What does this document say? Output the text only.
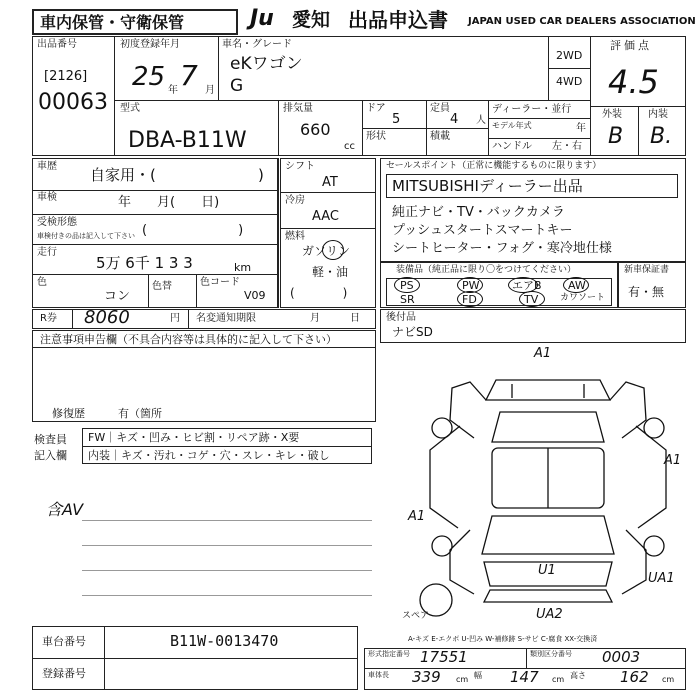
車内保管・守衛保管	Ju 愛知 出品申込書 JAPAN USED CAR DEALERS ASSOCIATION
出品番号
[2126]
00063
初度登録年月
25 年 7 月
車名・グレード
eKワゴン
G
2WD
4WD
評価点
4.5
外装	内装
B B.
型式
DBA-B11W
排気量
660
cc
ドア
5
形状
定員
4 人
積載
ディーラー・並行
モデル年式	年
ハンドル 左・右
車歴 自家用・(	)
車検	年　　月(　　日)
受検形態
車検付きの品は記入して下さい (　　　　　　　)
走行
5万 6千 1 3 3	km
色
コン
色替	色コード
V09
シフト
AT
冷房
AAC
燃料
ガソリン
軽・油
(　　　　)
セールスポイント（正常に機能するものに限ります）
MITSUBISHIディーラー出品
純正ナビ・TV・バックカメラ
プッシュスタートスマートキー
シートヒーター・フォグ・寒冷地仕様
装備品（純正品に限り〇をつけてください）
PS	PW	エアB AW
SR	FD	TV カワソート
新車保証書
有・無
R券 8060	円 名変通知期限	月　　　日	後付品
ナビSD
注意事項申告欄（不具合内容等は具体的に記入して下さい）
修復歴	有（箇所
検査員
記入欄
FW｜キズ・凹み・ヒビ割・リペア跡・X要
内装｜キズ・汚れ・コゲ・穴・スレ・キレ・破し
含AV
A1
A1
A1
U1
UA1
UA2
スペア
A-キズ E-エクボ U-凹み W-補修跡 S-サビ C-腐食 XX-交換済
車台番号	B11W-0013470
登録番号
形式指定番号 17551	類別区分番号 0003
車体長 339 cm 幅 147 cm 高さ 162 cm
